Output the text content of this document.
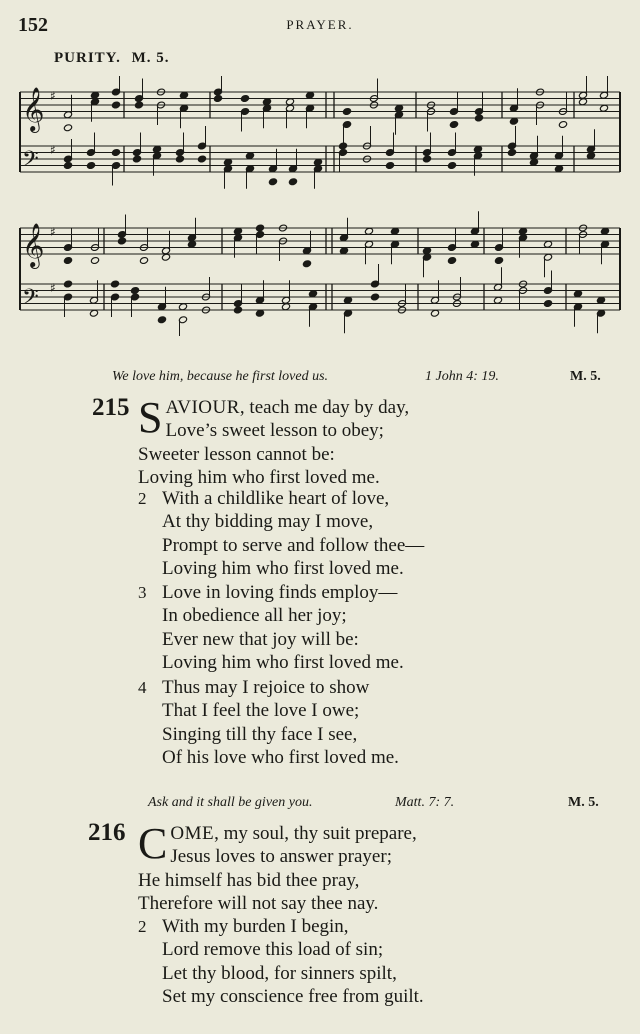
152	PRAYER.
PURITY. M. 5.
𝄞 ♯
𝄢 ♯
𝄞 ♯
𝄢 ♯
We love him, because he first loved us.	1 John 4: 19.	M. 5.
215 SAVIOUR, teach me day by day,
Love’s sweet lesson to obey;
Sweeter lesson cannot be:
Loving him who first loved me.
2 With a childlike heart of love,
At thy bidding may I move,
Prompt to serve and follow thee—
Loving him who first loved me.
3 Love in loving finds employ—
In obedience all her joy;
Ever new that joy will be:
Loving him who first loved me.
4 Thus may I rejoice to show
That I feel the love I owe;
Singing till thy face I see,
Of his love who first loved me.
Ask and it shall be given you.	Matt. 7: 7.	M. 5.
216 COME, my soul, thy suit prepare,
Jesus loves to answer prayer;
He himself has bid thee pray,
Therefore will not say thee nay.
2 With my burden I begin,
Lord remove this load of sin;
Let thy blood, for sinners spilt,
Set my conscience free from guilt.
